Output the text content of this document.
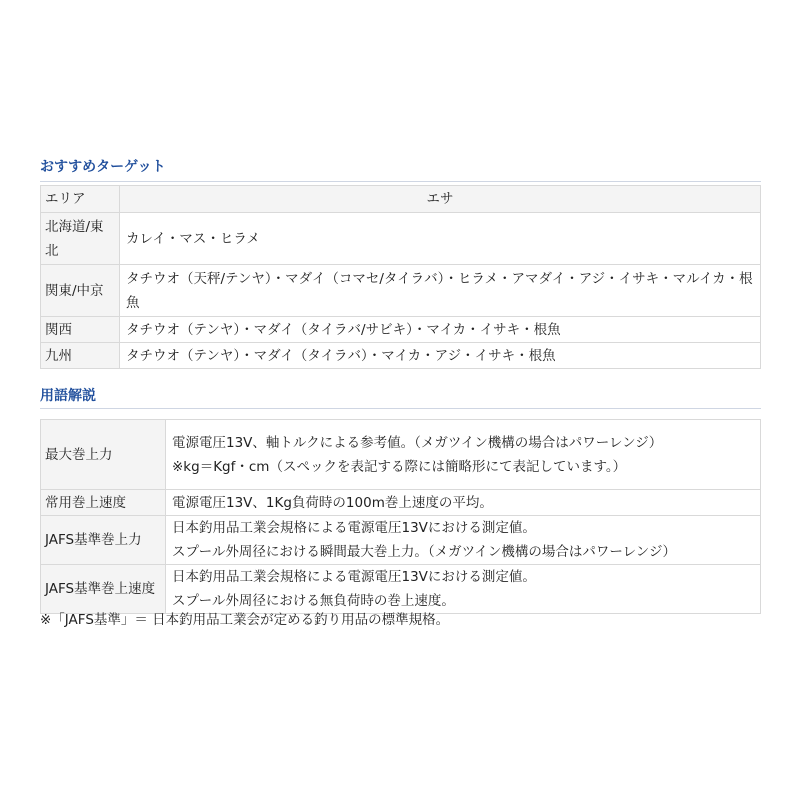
おすすめターゲット
エリア	エサ
北海道/東北	カレイ・マス・ヒラメ
関東/中京	タチウオ（天秤/テンヤ）・マダイ（コマセ/タイラバ）・ヒラメ・アマダイ・アジ・イサキ・マルイカ・根魚
関西	タチウオ（テンヤ）・マダイ（タイラバ/サビキ）・マイカ・イサキ・根魚
九州	タチウオ（テンヤ）・マダイ（タイラバ）・マイカ・アジ・イサキ・根魚
用語解説
最大巻上力	電源電圧13V、軸トルクによる参考値。（メガツイン機構の場合はパワーレンジ）
※kg＝Kgf・cm（スペックを表記する際には簡略形にて表記しています。）

常用巻上速度	電源電圧13V、1Kg負荷時の100m巻上速度の平均。

JAFS基準巻上力	日本釣用品工業会規格による電源電圧13Vにおける測定値。
スプール外周径における瞬間最大巻上力。（メガツイン機構の場合はパワーレンジ）

JAFS基準巻上速度	日本釣用品工業会規格による電源電圧13Vにおける測定値。
スプール外周径における無負荷時の巻上速度。

※「JAFS基準」＝ 日本釣用品工業会が定める釣り用品の標準規格。
